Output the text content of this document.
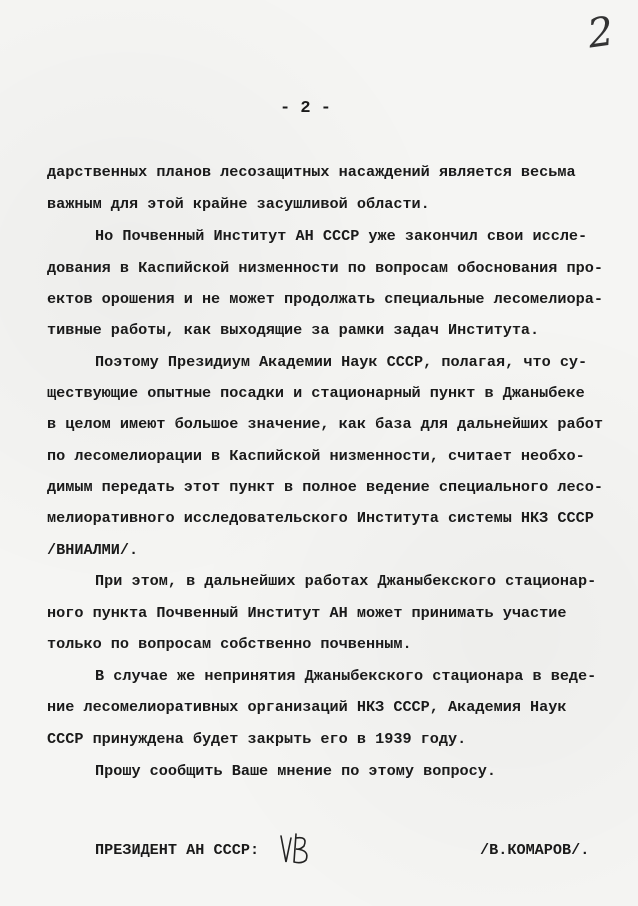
2
- 2 -
дарственных планов лесозащитных насаждений является весьма
важным для этой крайне засушливой области.
Но Почвенный Институт АН СССР уже закончил свои иссле-
дования в Каспийской низменности по вопросам обоснования про-
ектов орошения и не может продолжать специальные лесомелиора-
тивные работы, как выходящие за рамки задач Института.
Поэтому Президиум Академии Наук СССР, полагая, что су-
ществующие опытные посадки и стационарный пункт в Джаныбеке
в целом имеют большое значение, как база для дальнейших работ
по лесомелиорации в Каспийской низменности, считает необхо-
димым передать этот пункт в полное ведение специального лесо-
мелиоративного исследовательского Института системы НКЗ СССР
/ВНИАЛМИ/.
При этом, в дальнейших работах Джаныбекского стационар-
ного пункта Почвенный Институт АН может принимать участие
только по вопросам собственно почвенным.
В случае же непринятия Джаныбекского стационара в веде-
ние лесомелиоративных организаций НКЗ СССР, Академия Наук
СССР принуждена будет закрыть его в 1939 году.
Прошу сообщить Ваше мнение по этому вопросу.
ПРЕЗИДЕНТ АН СССР:	/В.КОМАРОВ/.
